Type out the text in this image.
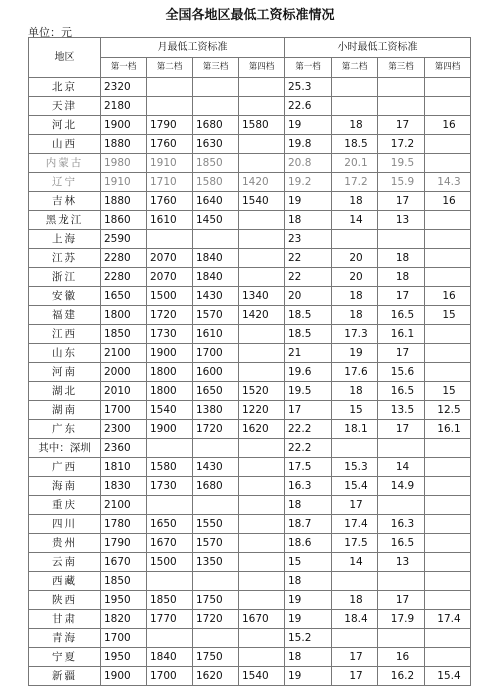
全国各地区最低工资标准情况
单位：元
地区	月最低工资标准				小时最低工资标准			
	第一档	第二档	第三档	第四档	第一档	第二档	第三档	第四档
北京	2320				25.3			
天津	2180				22.6			
河北	1900	1790	1680	1580	19	18	17	16
山西	1880	1760	1630		19.8	18.5	17.2	
内蒙古	1980	1910	1850		20.8	20.1	19.5	
辽宁	1910	1710	1580	1420	19.2	17.2	15.9	14.3
吉林	1880	1760	1640	1540	19	18	17	16
黑龙江	1860	1610	1450		18	14	13	
上海	2590				23			
江苏	2280	2070	1840		22	20	18	
浙江	2280	2070	1840		22	20	18	
安徽	1650	1500	1430	1340	20	18	17	16
福建	1800	1720	1570	1420	18.5	18	16.5	15
江西	1850	1730	1610		18.5	17.3	16.1	
山东	2100	1900	1700		21	19	17	
河南	2000	1800	1600		19.6	17.6	15.6	
湖北	2010	1800	1650	1520	19.5	18	16.5	15
湖南	1700	1540	1380	1220	17	15	13.5	12.5
广东	2300	1900	1720	1620	22.2	18.1	17	16.1
其中：深圳	2360				22.2			
广西	1810	1580	1430		17.5	15.3	14	
海南	1830	1730	1680		16.3	15.4	14.9	
重庆	2100				18	17		
四川	1780	1650	1550		18.7	17.4	16.3	
贵州	1790	1670	1570		18.6	17.5	16.5	
云南	1670	1500	1350		15	14	13	
西藏	1850				18			
陕西	1950	1850	1750		19	18	17	
甘肃	1820	1770	1720	1670	19	18.4	17.9	17.4
青海	1700				15.2			
宁夏	1950	1840	1750		18	17	16	
新疆	1900	1700	1620	1540	19	17	16.2	15.4
